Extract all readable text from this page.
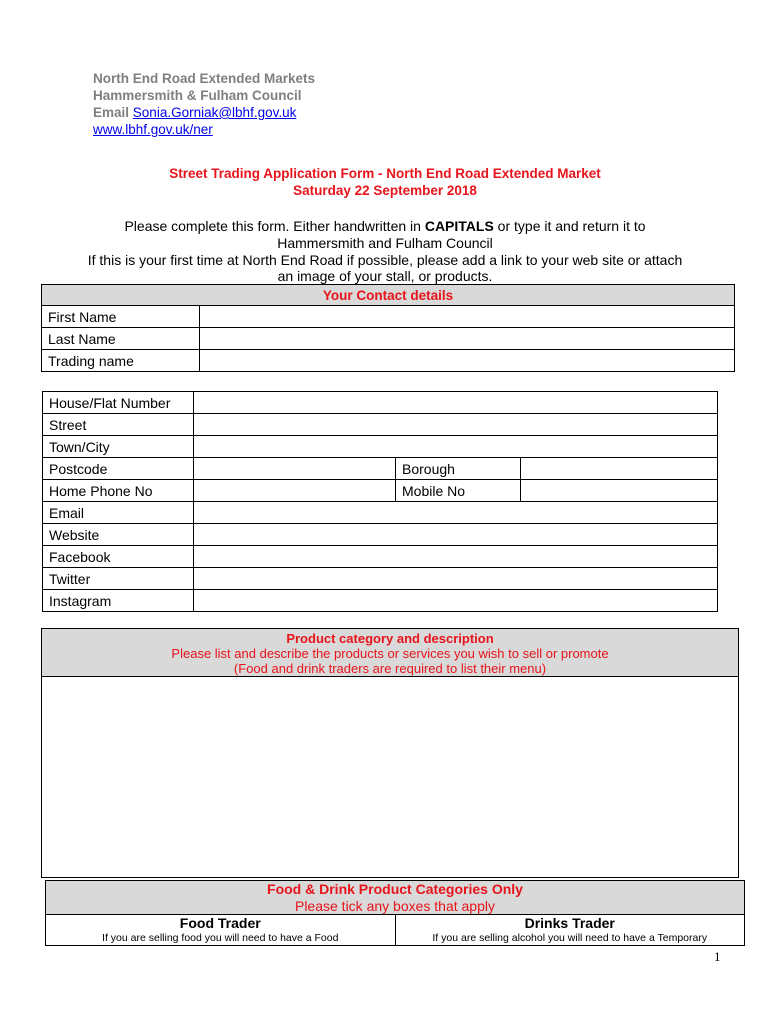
North End Road Extended Markets
Hammersmith & Fulham Council
Email Sonia.Gorniak@lbhf.gov.uk
www.lbhf.gov.uk/ner
Street Trading Application Form - North End Road Extended Market
Saturday 22 September 2018
Please complete this form. Either handwritten in CAPITALS or type it and return it to
Hammersmith and Fulham Council
If this is your first time at North End Road if possible, please add a link to your web site or attach
an image of your stall, or products.
Your Contact details	
First Name	
Last Name	
Trading name	
House/Flat Number			
Street			
Town/City			
Postcode		Borough	
Home Phone No		Mobile No	
Email			
Website			
Facebook			
Twitter			
Instagram			
Product category and description
Please list and describe the products or services you wish to sell or promote
(Food and drink traders are required to list their menu)
Food & Drink Product Categories Only
Please tick any boxes that apply
Food Trader
If you are selling food you will need to have a Food
Drinks Trader
If you are selling alcohol you will need to have a Temporary
1
